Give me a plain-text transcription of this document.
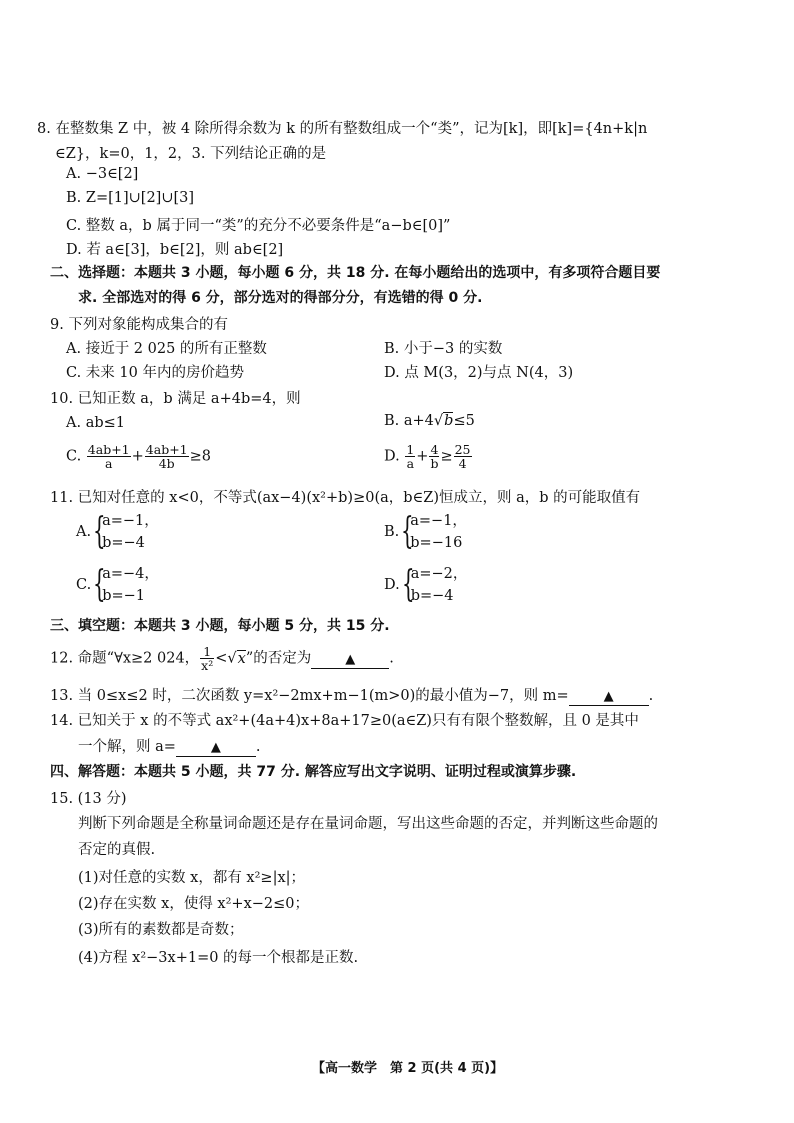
8. 在整数集 Z 中，被 4 除所得余数为 k 的所有整数组成一个“类”，记为[k]，即[k]={4n+k|n
∈Z}，k=0，1，2，3. 下列结论正确的是
A. −3∈[2]
B. Z=[1]∪[2]∪[3]
C. 整数 a，b 属于同一“类”的充分不必要条件是“a−b∈[0]”
D. 若 a∈[3]，b∈[2]，则 ab∈[2]
二、选择题：本题共 3 小题，每小题 6 分，共 18 分. 在每小题给出的选项中，有多项符合题目要
求. 全部选对的得 6 分，部分选对的得部分分，有选错的得 0 分.
9. 下列对象能构成集合的有
A. 接近于 2 025 的所有正整数	B. 小于−3 的实数
C. 未来 10 年内的房价趋势	D. 点 M(3，2)与点 N(4，3)
10. 已知正数 a，b 满足 a+4b=4，则
A. ab≤1	B. a+4√b≤5
C. $\frac{4ab+1}{a} + \frac{4ab+1}{4b} \ge 8$	D. $\frac{1}{a} + \frac{4}{b} \ge \frac{25}{4}$
11. 已知对任意的 x<0，不等式(ax−4)(x²+b)≥0(a，b∈Z)恒成立，则 a，b 的可能取值有
A.{
a=−1，
b=−4
B.{
a=−1，
b=−16
C.{
a=−4，
b=−1
D.{
a=−2，
b=−4
三、填空题：本题共 3 小题，每小题 5 分，共 15 分.
12. 命题“∀x≥2 024， $\frac{1}{\text{x²}} <√x$”的否定为	▲ .
13. 当 0≤x≤2 时，二次函数 y=x²−2mx+m−1(m>0)的最小值为−7，则 m=	▲ .
14. 已知关于 x 的不等式 ax²+(4a+4)x+8a+17≥0(a∈Z)只有有限个整数解，且 0 是其中
一个解，则 a=	▲ .
四、解答题：本题共 5 小题，共 77 分. 解答应写出文字说明、证明过程或演算步骤.
15. (13 分)
判断下列命题是全称量词命题还是存在量词命题，写出这些命题的否定，并判断这些命题的
否定的真假.
(1)对任意的实数 x，都有 x²≥|x|；
(2)存在实数 x，使得 x²+x−2≤0；
(3)所有的素数都是奇数；
(4)方程 x²−3x+1=0 的每一个根都是正数.
【高一数学　第 2 页(共 4 页)】
